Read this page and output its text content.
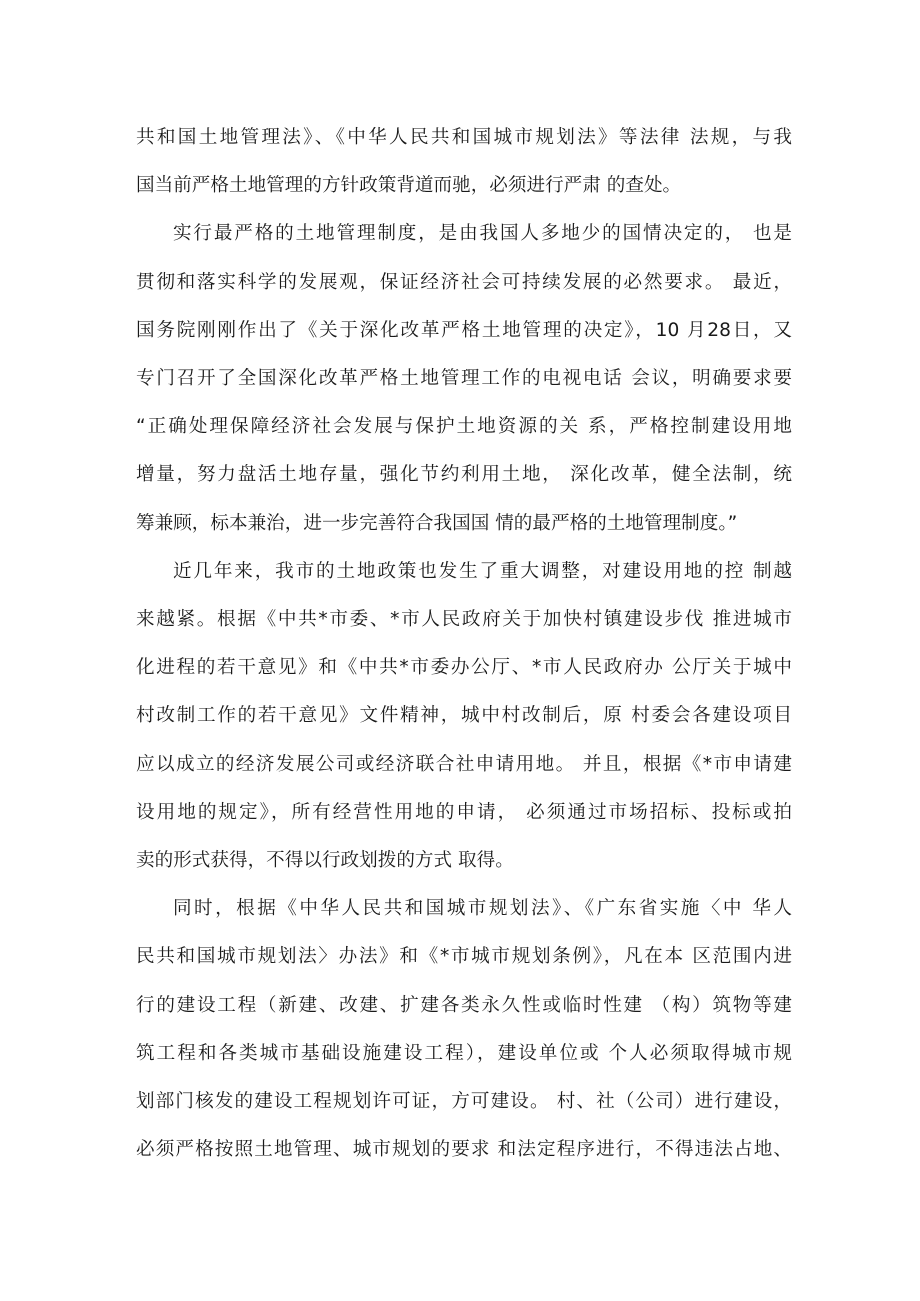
共和国土地管理法》、《中华人民共和国城市规划法》等法律 法规，与我
国当前严格土地管理的方针政策背道而驰，必须进行严肃 的查处。
实行最严格的土地管理制度，是由我国人多地少的国情决定的， 也是
贯彻和落实科学的发展观，保证经济社会可持续发展的必然要求。 最近，
国务院刚刚作出了《关于深化改革严格土地管理的决定》，10 月28日，又
专门召开了全国深化改革严格土地管理工作的电视电话 会议，明确要求要
“正确处理保障经济社会发展与保护土地资源的关 系，严格控制建设用地
增量，努力盘活土地存量，强化节约利用土地， 深化改革，健全法制，统
筹兼顾，标本兼治，进一步完善符合我国国 情的最严格的土地管理制度。”
近几年来，我市的土地政策也发生了重大调整，对建设用地的控 制越
来越紧。根据《中共*市委、*市人民政府关于加快村镇建设步伐 推进城市
化进程的若干意见》和《中共*市委办公厅、*市人民政府办 公厅关于城中
村改制工作的若干意见》文件精神，城中村改制后，原 村委会各建设项目
应以成立的经济发展公司或经济联合社申请用地。 并且，根据《*市申请建
设用地的规定》，所有经营性用地的申请， 必须通过市场招标、投标或拍
卖的形式获得，不得以行政划拨的方式 取得。
同时，根据《中华人民共和国城市规划法》、《广东省实施〈中 华人
民共和国城市规划法〉办法》和《*市城市规划条例》，凡在本 区范围内进
行的建设工程（新建、改建、扩建各类永久性或临时性建 （构）筑物等建
筑工程和各类城市基础设施建设工程），建设单位或 个人必须取得城市规
划部门核发的建设工程规划许可证，方可建设。 村、社（公司）进行建设，
必须严格按照土地管理、城市规划的要求 和法定程序进行，不得违法占地、
